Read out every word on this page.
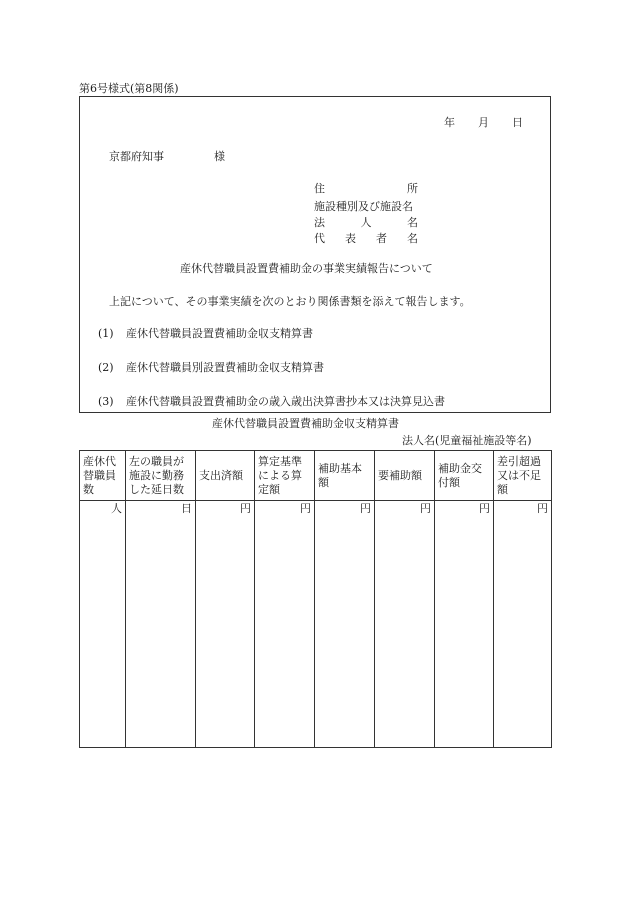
第6号様式(第8関係)
年 月 日
京都府知事	様
住	所
施設種別及び施設名
法	人	名
代 表 者 名
産休代替職員設置費補助金の事業実績報告について
上記について、その事業実績を次のとおり関係書類を添えて報告します。
(1) 産休代替職員設置費補助金収支精算書
(2) 産休代替職員別設置費補助金収支精算書
(3) 産休代替職員設置費補助金の歳入歳出決算書抄本又は決算見込書
産休代替職員設置費補助金収支精算書
法人名(児童福祉施設等名)
産休代替職員数	左の職員が施設に勤務した延日数	支出済額	算定基準による算定額	補助基本額	要補助額	補助金交付額	差引超過又は不足額
人	日	円	円	円	円	円	円
